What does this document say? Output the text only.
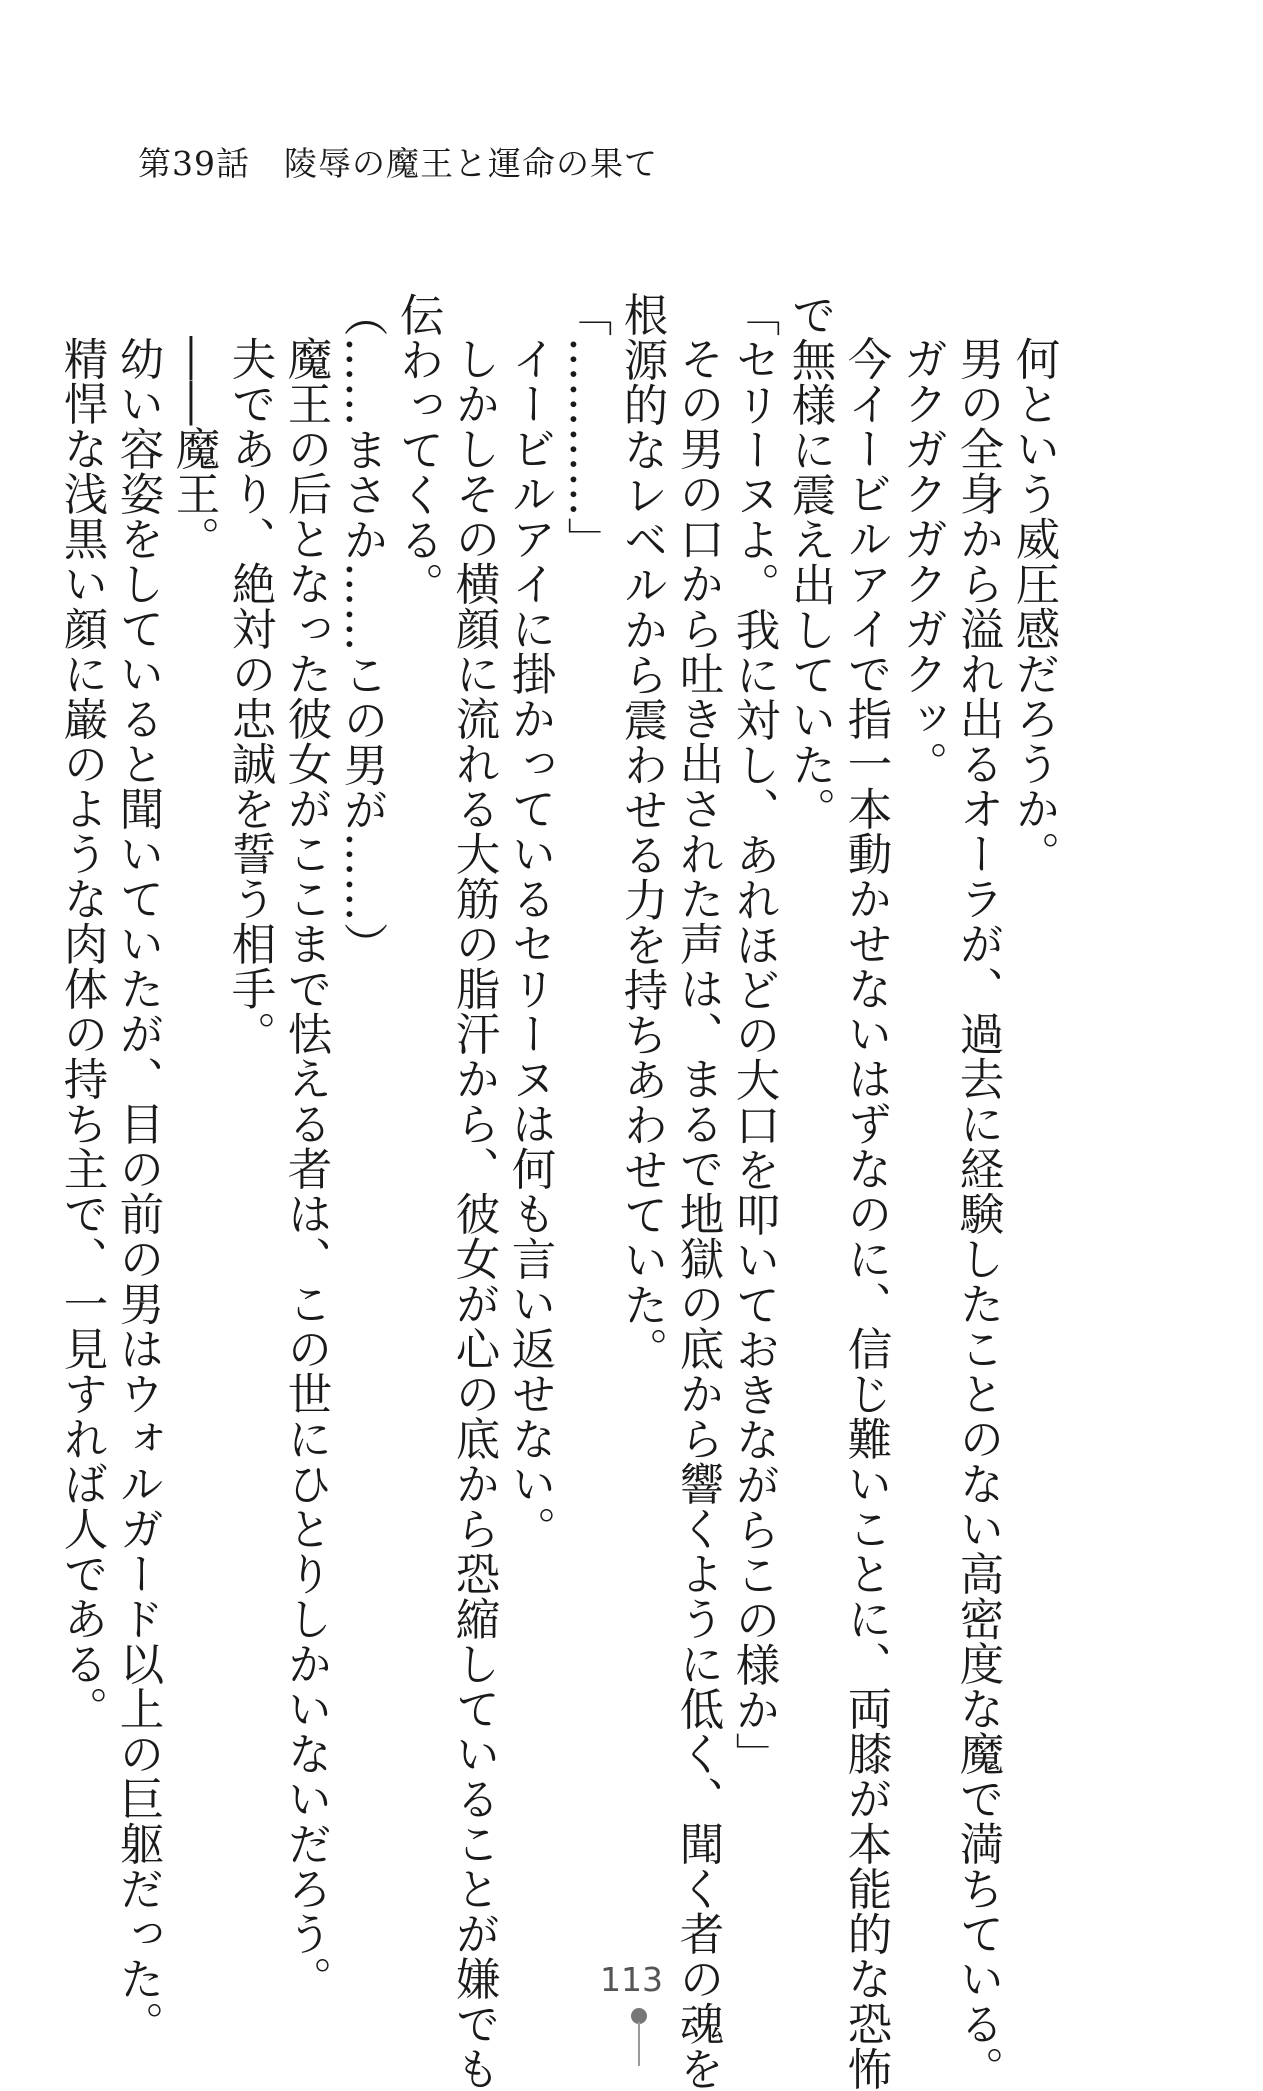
第39話　陵辱の魔王と運命の果て

何という威圧感だろうか。

男の全身から溢れ出るオーラが、過去に経験したことのない高密度な魔で満ちている。

ガクガクガクガクッ。

今イービルアイで指一本動かせないはずなのに、信じ難いことに、両膝が本能的な恐怖

で無様に震え出していた。

「セリーヌよ。我に対し、あれほどの大口を叩いておきながらこの様か」

その男の口から吐き出された声は、まるで地獄の底から響くように低く、聞く者の魂を

根源的なレベルから震わせる力を持ちあわせていた。

「…………」

イービルアイに掛かっているセリーヌは何も言い返せない。

しかしその横顔に流れる大筋の脂汗から、彼女が心の底から恐縮していることが嫌でも

伝わってくる。

（……まさか……この男が……）

魔王の后となった彼女がここまで怯える者は、この世にひとりしかいないだろう。

夫であり、絶対の忠誠を誓う相手。

――魔王。

幼い容姿をしていると聞いていたが、目の前の男はウォルガード以上の巨躯だった。

精悍な浅黒い顔に巌のような肉体の持ち主で、一見すれば人である。

113
